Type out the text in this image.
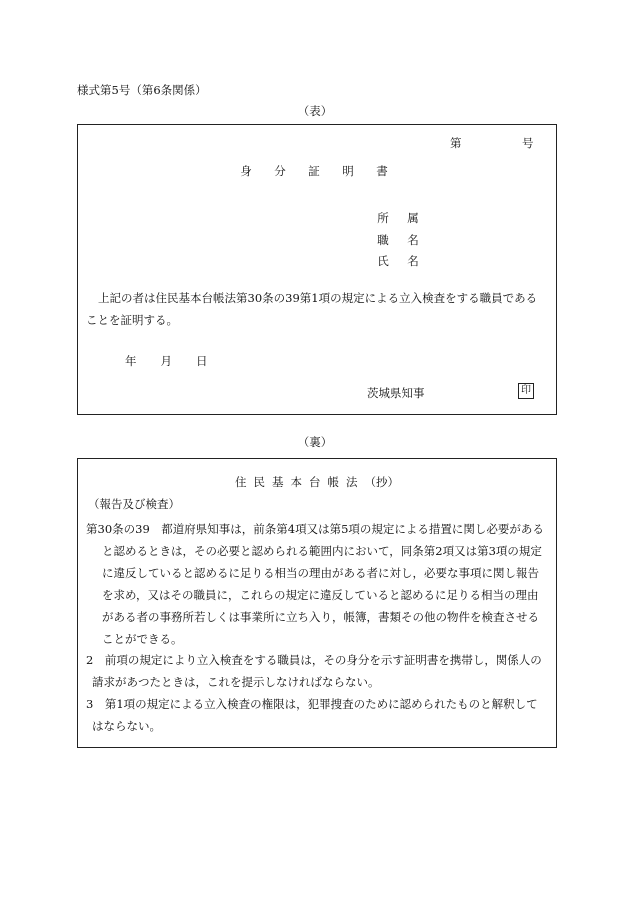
様式第5号（第6条関係）
（表）
第	号
身 分 証 明 書
所 属
職 名
氏 名
上記の者は住民基本台帳法第30条の39第1項の規定による立入検査をする職員であることを証明する。
年 月 日
茨城県知事	印
（裏）
住 民 基 本 台 帳 法 （抄）
（報告及び検査）
第30条の39　都道府県知事は，前条第4項又は第5項の規定による措置に関し必要があると認めるときは，その必要と認められる範囲内において，同条第2項又は第3項の規定に違反していると認めるに足りる相当の理由がある者に対し，必要な事項に関し報告を求め，又はその職員に，これらの規定に違反していると認めるに足りる相当の理由がある者の事務所若しくは事業所に立ち入り，帳簿，書類その他の物件を検査させることができる。
2　前項の規定により立入検査をする職員は，その身分を示す証明書を携帯し，関係人の請求があつたときは，これを提示しなければならない。
3　第1項の規定による立入検査の権限は，犯罪捜査のために認められたものと解釈してはならない。
